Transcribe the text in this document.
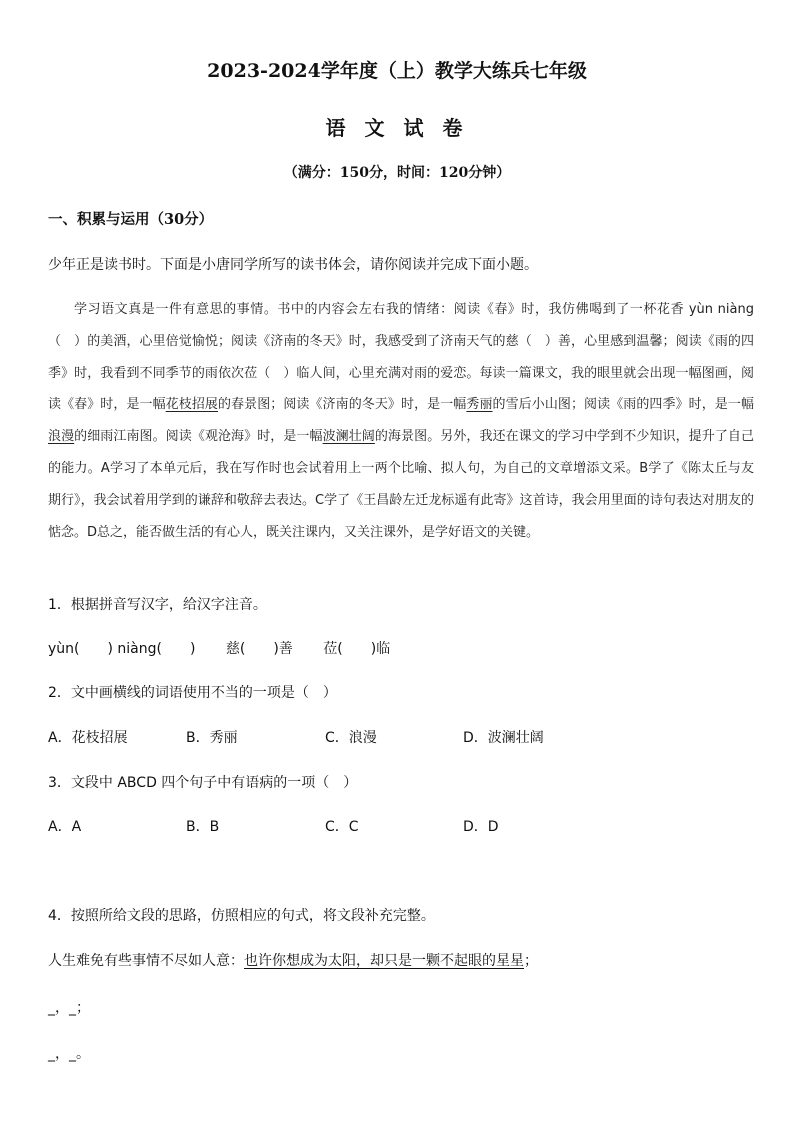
2023-2024学年度（上）教学大练兵七年级
语 文 试 卷
（满分：150分，时间：120分钟）
一、积累与运用（30分）
少年正是读书时。下面是小唐同学所写的读书体会，请你阅读并完成下面小题。

学习语文真是一件有意思的事情。书中的内容会左右我的情绪：阅读《春》时，我仿佛喝到了一杯花香 yùn niàng（　）的美酒，心里倍觉愉悦；阅读《济南的冬天》时，我感受到了济南天气的慈（　）善，心里感到温馨；阅读《雨的四季》时，我看到不同季节的雨依次莅（　）临人间，心里充满对雨的爱恋。每读一篇课文，我的眼里就会出现一幅图画，阅读《春》时，是一幅花枝招展的春景图；阅读《济南的冬天》时，是一幅秀丽的雪后小山图；阅读《雨的四季》时，是一幅浪漫的细雨江南图。阅读《观沧海》时，是一幅波澜壮阔的海景图。另外，我还在课文的学习中学到不少知识，提升了自己的能力。A学习了本单元后，我在写作时也会试着用上一两个比喻、拟人句，为自己的文章增添文采。B学了《陈太丘与友期行》，我会试着用学到的谦辞和敬辞去表达。C学了《王昌龄左迁龙标遥有此寄》这首诗，我会用里面的诗句表达对朋友的惦念。D总之，能否做生活的有心人，既关注课内，又关注课外，是学好语文的关键。

1．根据拼音写汉字，给汉字注音。
yùn(　　) niàng(　　) 慈(　　)善 莅(　　)临
2．文中画横线的词语使用不当的一项是（　）
A．花枝招展	B．秀丽	C．浪漫	D．波澜壮阔
3．文段中 ABCD 四个句子中有语病的一项（　）
A．A	B．B	C．C	D．D
4．按照所给文段的思路，仿照相应的句式，将文段补充完整。
人生难免有些事情不尽如人意：也许你想成为太阳，却只是一颗不起眼的星星；
_，_；
_，_。
